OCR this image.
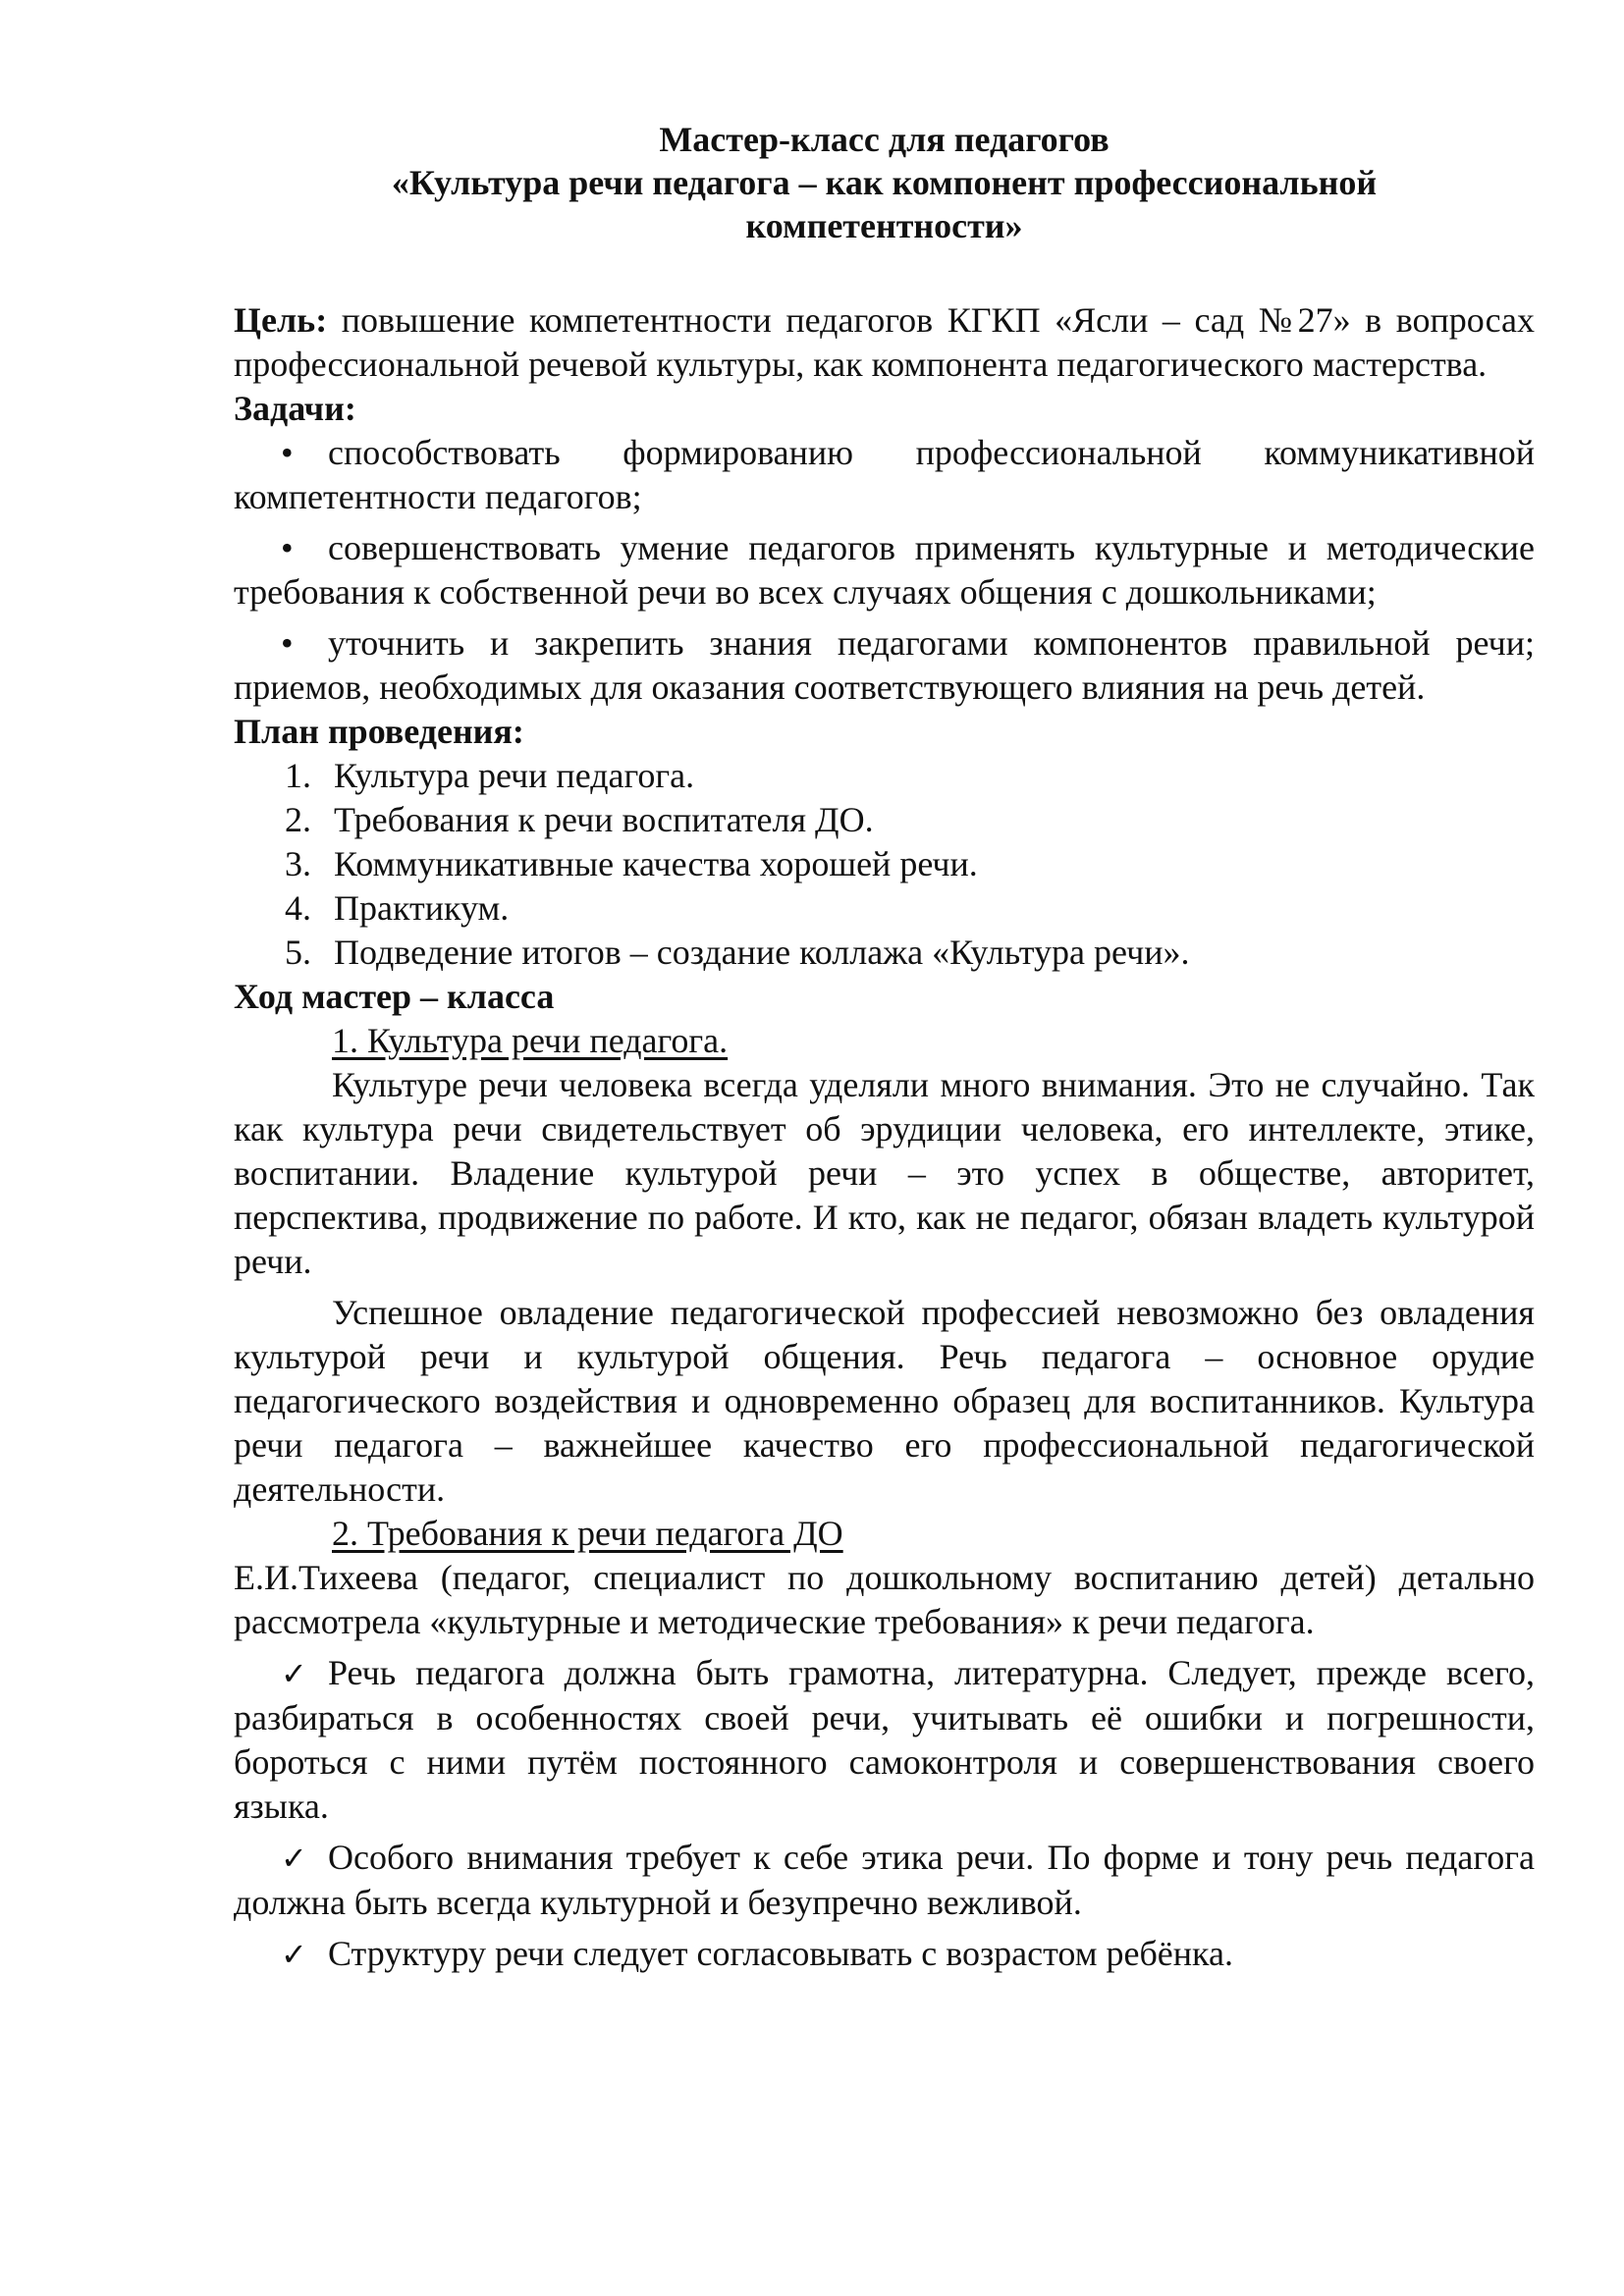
Мастер-класс для педагогов
«Культура речи педагога – как компонент профессиональной
компетентности»

Цель: повышение компетентности педагогов КГКП «Ясли – сад №27» в вопросах профессиональной речевой культуры, как компонента педагогического мастерства.

Задачи:

• способствовать формированию профессиональной коммуникативной компетентности педагогов;

• совершенствовать умение педагогов применять культурные и методические требования к собственной речи во всех случаях общения с дошкольниками;

• уточнить и закрепить знания педагогами компонентов правильной речи; приемов, необходимых для оказания соответствующего влияния на речь детей.

План проведения:

1. Культура речи педагога.
2. Требования к речи воспитателя ДО.
3. Коммуникативные качества хорошей речи.
4. Практикум.
5. Подведение итогов – создание коллажа «Культура речи».

Ход мастер – класса

1. Культура речи педагога.

Культуре речи человека всегда уделяли много внимания. Это не случайно. Так как культура речи свидетельствует об эрудиции человека, его интеллекте, этике, воспитании. Владение культурой речи – это успех в обществе, авторитет, перспектива, продвижение по работе. И кто, как не педагог, обязан владеть культурой речи.

Успешное овладение педагогической профессией невозможно без овладения культурой речи и культурой общения. Речь педагога – основное орудие педагогического воздействия и одновременно образец для воспитанников. Культура речи педагога – важнейшее качество его профессиональной педагогической деятельности.

2. Требования к речи педагога ДО

Е.И.Тихеева (педагог, специалист по дошкольному воспитанию детей) детально рассмотрела «культурные и методические требования» к речи педагога.

✓ Речь педагога должна быть грамотна, литературна. Следует, прежде всего, разбираться в особенностях своей речи, учитывать её ошибки и погрешности, бороться с ними путём постоянного самоконтроля и совершенствования своего языка.

✓ Особого внимания требует к себе этика речи. По форме и тону речь педагога должна быть всегда культурной и безупречно вежливой.

✓ Структуру речи следует согласовывать с возрастом ребёнка.
